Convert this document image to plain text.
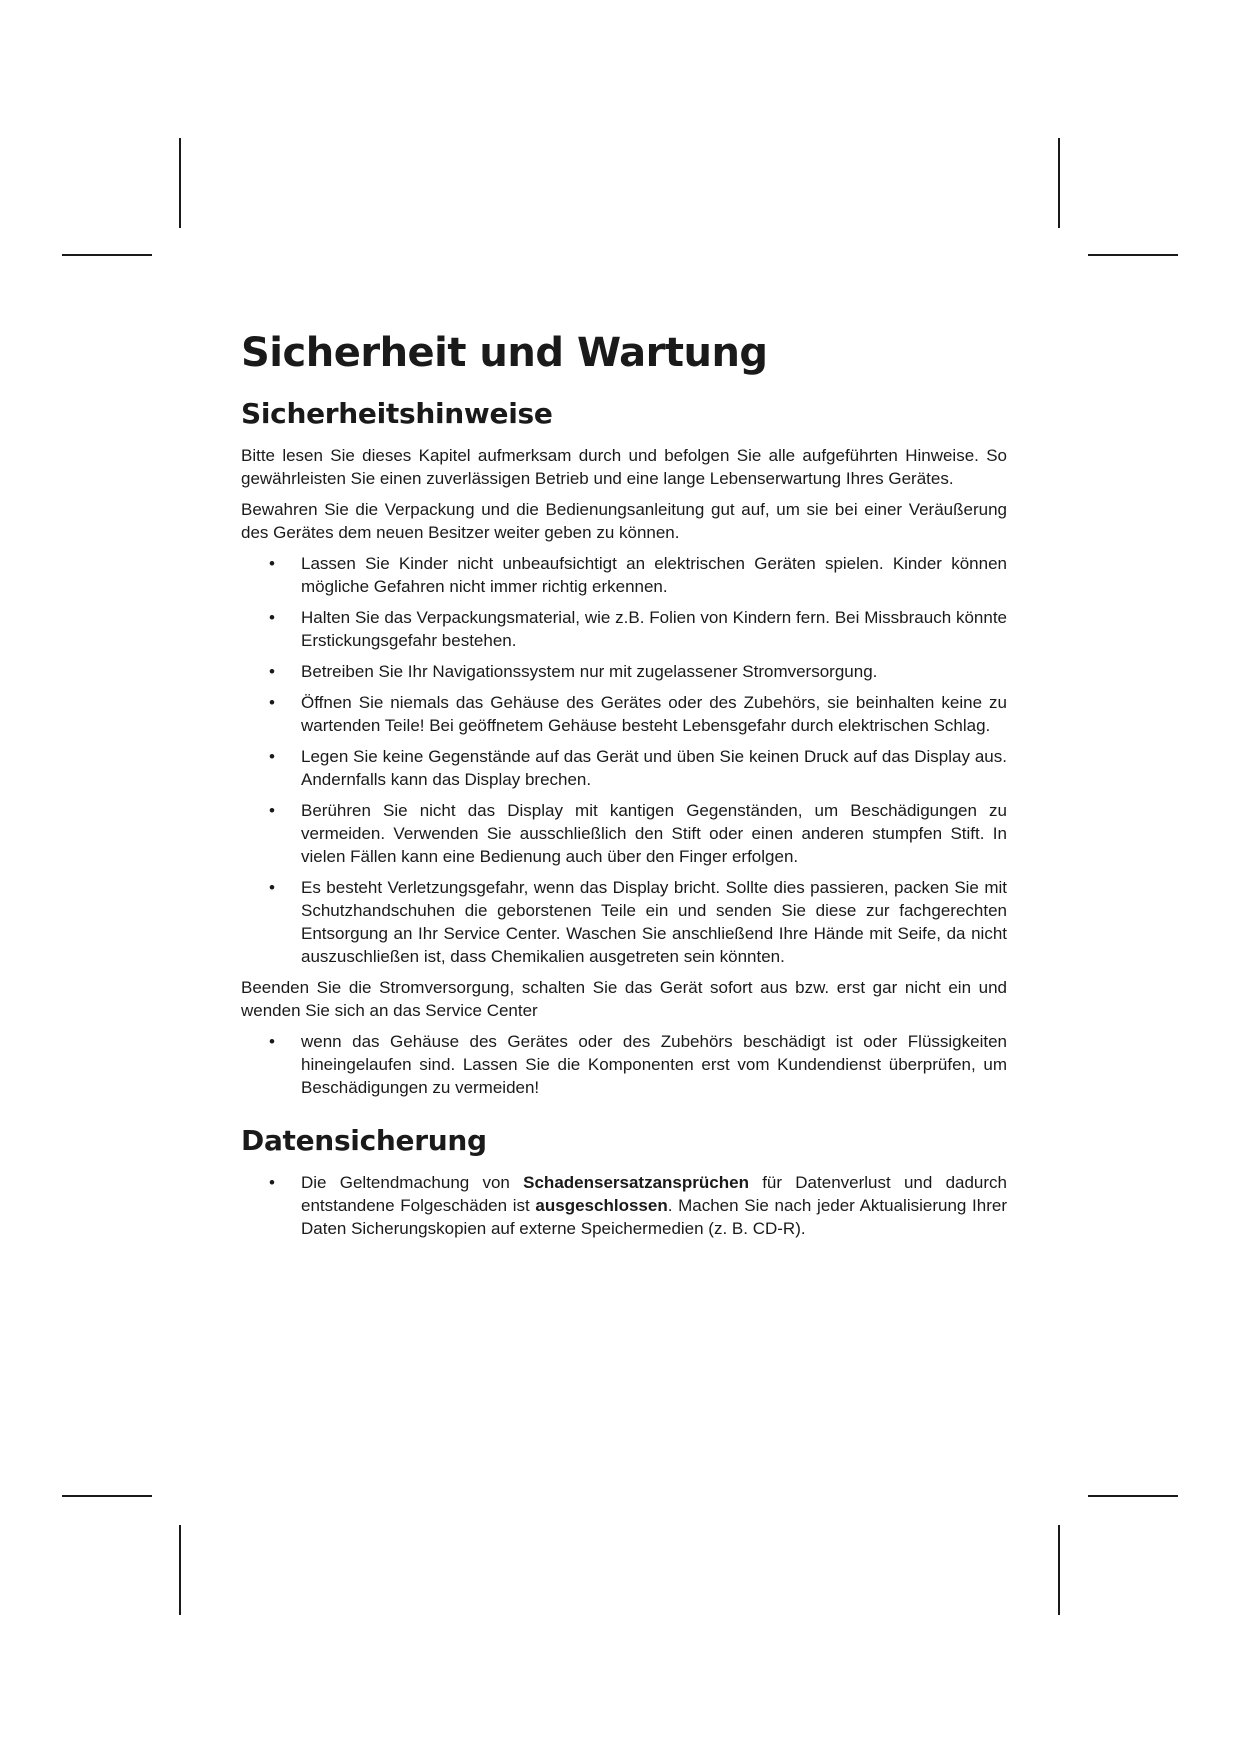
Sicherheit und Wartung
Sicherheitshinweise

Bitte lesen Sie dieses Kapitel aufmerksam durch und befolgen Sie alle aufgeführten Hinweise. So gewährleisten Sie einen zuverlässigen Betrieb und eine lange Lebenserwartung Ihres Gerätes.

Bewahren Sie die Verpackung und die Bedienungsanleitung gut auf, um sie bei einer Veräußerung des Gerätes dem neuen Besitzer weiter geben zu können.

• Lassen Sie Kinder nicht unbeaufsichtigt an elektrischen Geräten spielen. Kinder können mögliche Gefahren nicht immer richtig erkennen.
• Halten Sie das Verpackungsmaterial, wie z.B. Folien von Kindern fern. Bei Missbrauch könnte Erstickungsgefahr bestehen.
• Betreiben Sie Ihr Navigationssystem nur mit zugelassener Stromversorgung.
• Öffnen Sie niemals das Gehäuse des Gerätes oder des Zubehörs, sie beinhalten keine zu wartenden Teile! Bei geöffnetem Gehäuse besteht Lebensgefahr durch elektrischen Schlag.
• Legen Sie keine Gegenstände auf das Gerät und üben Sie keinen Druck auf das Display aus. Andernfalls kann das Display brechen.
• Berühren Sie nicht das Display mit kantigen Gegenständen, um Beschädigungen zu vermeiden. Verwenden Sie ausschließlich den Stift oder einen anderen stumpfen Stift. In vielen Fällen kann eine Bedienung auch über den Finger erfolgen.
• Es besteht Verletzungsgefahr, wenn das Display bricht. Sollte dies passieren, packen Sie mit Schutzhandschuhen die geborstenen Teile ein und senden Sie diese zur fachgerechten Entsorgung an Ihr Service Center. Waschen Sie anschließend Ihre Hände mit Seife, da nicht auszuschließen ist, dass Chemikalien ausgetreten sein könnten.

Beenden Sie die Stromversorgung, schalten Sie das Gerät sofort aus bzw. erst gar nicht ein und wenden Sie sich an das Service Center

• wenn das Gehäuse des Gerätes oder des Zubehörs beschädigt ist oder Flüssigkeiten hineingelaufen sind. Lassen Sie die Komponenten erst vom Kundendienst überprüfen, um Beschädigungen zu vermeiden!
Datensicherung
• Die Geltendmachung von Schadensersatzansprüchen für Datenverlust und dadurch entstandene Folgeschäden ist ausgeschlossen. Machen Sie nach jeder Aktualisierung Ihrer Daten Sicherungskopien auf externe Speichermedien (z. B. CD-R).
